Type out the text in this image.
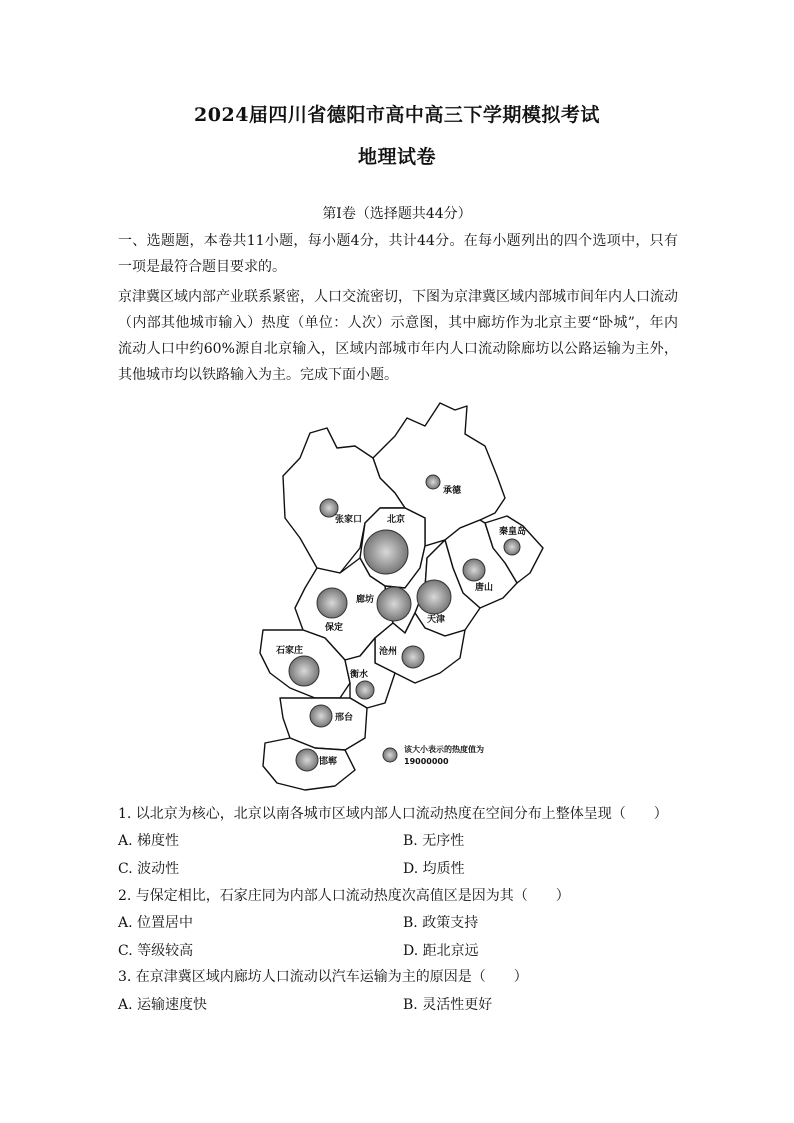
2024届四川省德阳市高中高三下学期模拟考试
地理试卷
第Ⅰ卷（选择题共44分）
一、选题题，本卷共11小题，每小题4分，共计44分。在每小题列出的四个选项中，只有一项是最符合题目要求的。
京津冀区域内部产业联系紧密，人口交流密切，下图为京津冀区域内部城市间年内人口流动（内部其他城市输入）热度（单位：人次）示意图，其中廊坊作为北京主要“卧城”，年内流动人口中约60%源自北京输入，区域内部城市年内人口流动除廊坊以公路运输为主外，其他城市均以铁路输入为主。完成下面小题。
承德
张家口	北京
秦皇岛
唐山
廊坊
天津
保定
石家庄	沧州
衡水
邢台
邯郸
该大小表示的热度值为
19000000
1. 以北京为核心，北京以南各城市区域内部人口流动热度在空间分布上整体呈现（　　）
A. 梯度性	B. 无序性
C. 波动性	D. 均质性
2. 与保定相比，石家庄同为内部人口流动热度次高值区是因为其（　　）
A. 位置居中	B. 政策支持
C. 等级较高	D. 距北京远
3. 在京津冀区域内廊坊人口流动以汽车运输为主的原因是（　　）
A. 运输速度快	B. 灵活性更好
